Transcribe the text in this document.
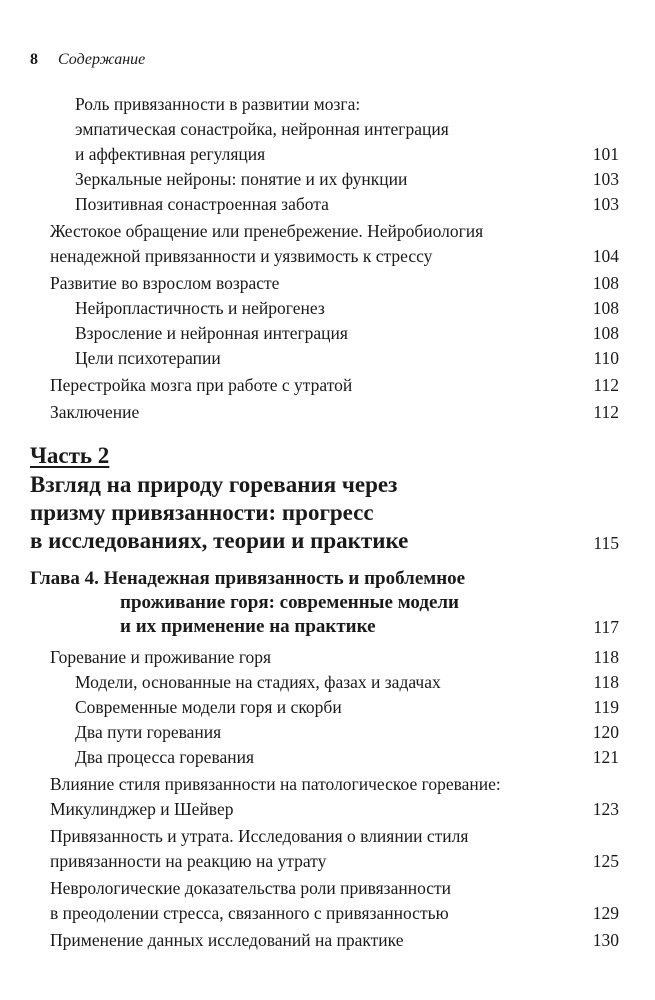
8 Содержание
Роль привязанности в развитии мозга:
эмпатическая сонастройка, нейронная интеграция
и аффективная регуляция	101
Зеркальные нейроны: понятие и их функции	103
Позитивная сонастроенная забота	103
Жестокое обращение или пренебрежение. Нейробиология
ненадежной привязанности и уязвимость к стрессу	104
Развитие во взрослом возрасте	108
Нейропластичность и нейрогенез	108
Взросление и нейронная интеграция	108
Цели психотерапии	110
Перестройка мозга при работе с утратой	112
Заключение	112
Часть 2
Взгляд на природу горевания через
призму привязанности: прогресс
в исследованиях, теории и практике	115
Глава 4. Ненадежная привязанность и проблемное
проживание горя: современные модели
и их применение на практике	117
Горевание и проживание горя	118
Модели, основанные на стадиях, фазах и задачах	118
Современные модели горя и скорби	119
Два пути горевания	120
Два процесса горевания	121
Влияние стиля привязанности на патологическое горевание:
Микулинджер и Шейвер	123
Привязанность и утрата. Исследования о влиянии стиля
привязанности на реакцию на утрату	125
Неврологические доказательства роли привязанности
в преодолении стресса, связанного с привязанностью	129
Применение данных исследований на практике	130
